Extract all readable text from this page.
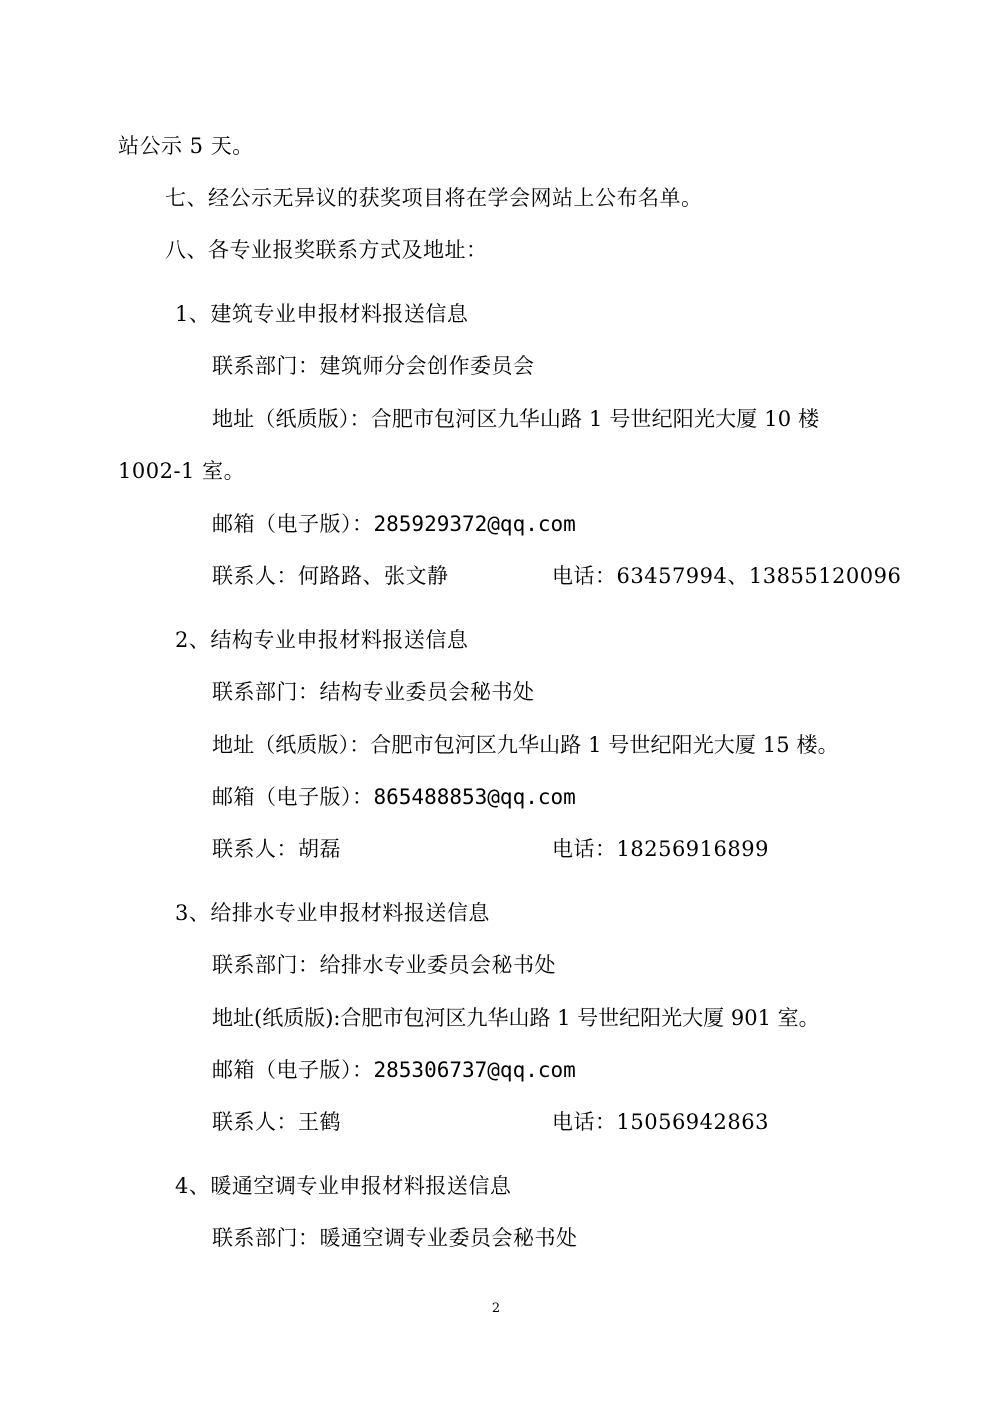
站公示 5 天。
七、经公示无异议的获奖项目将在学会网站上公布名单。
八、各专业报奖联系方式及地址：
1、建筑专业申报材料报送信息
联系部门：建筑师分会创作委员会
地址（纸质版）：合肥市包河区九华山路 1 号世纪阳光大厦 10 楼
1002-1 室。
邮箱（电子版）：285929372@qq.com
联系人：何路路、张文静	电话：63457994、13855120096
2、结构专业申报材料报送信息
联系部门：结构专业委员会秘书处
地址（纸质版）：合肥市包河区九华山路 1 号世纪阳光大厦 15 楼。
邮箱（电子版）：865488853@qq.com
联系人：胡磊	电话：18256916899
3、给排水专业申报材料报送信息
联系部门：给排水专业委员会秘书处
地址(纸质版):合肥市包河区九华山路 1 号世纪阳光大厦 901 室。
邮箱（电子版）：285306737@qq.com
联系人：王鹤	电话：15056942863
4、暖通空调专业申报材料报送信息
联系部门：暖通空调专业委员会秘书处
2
